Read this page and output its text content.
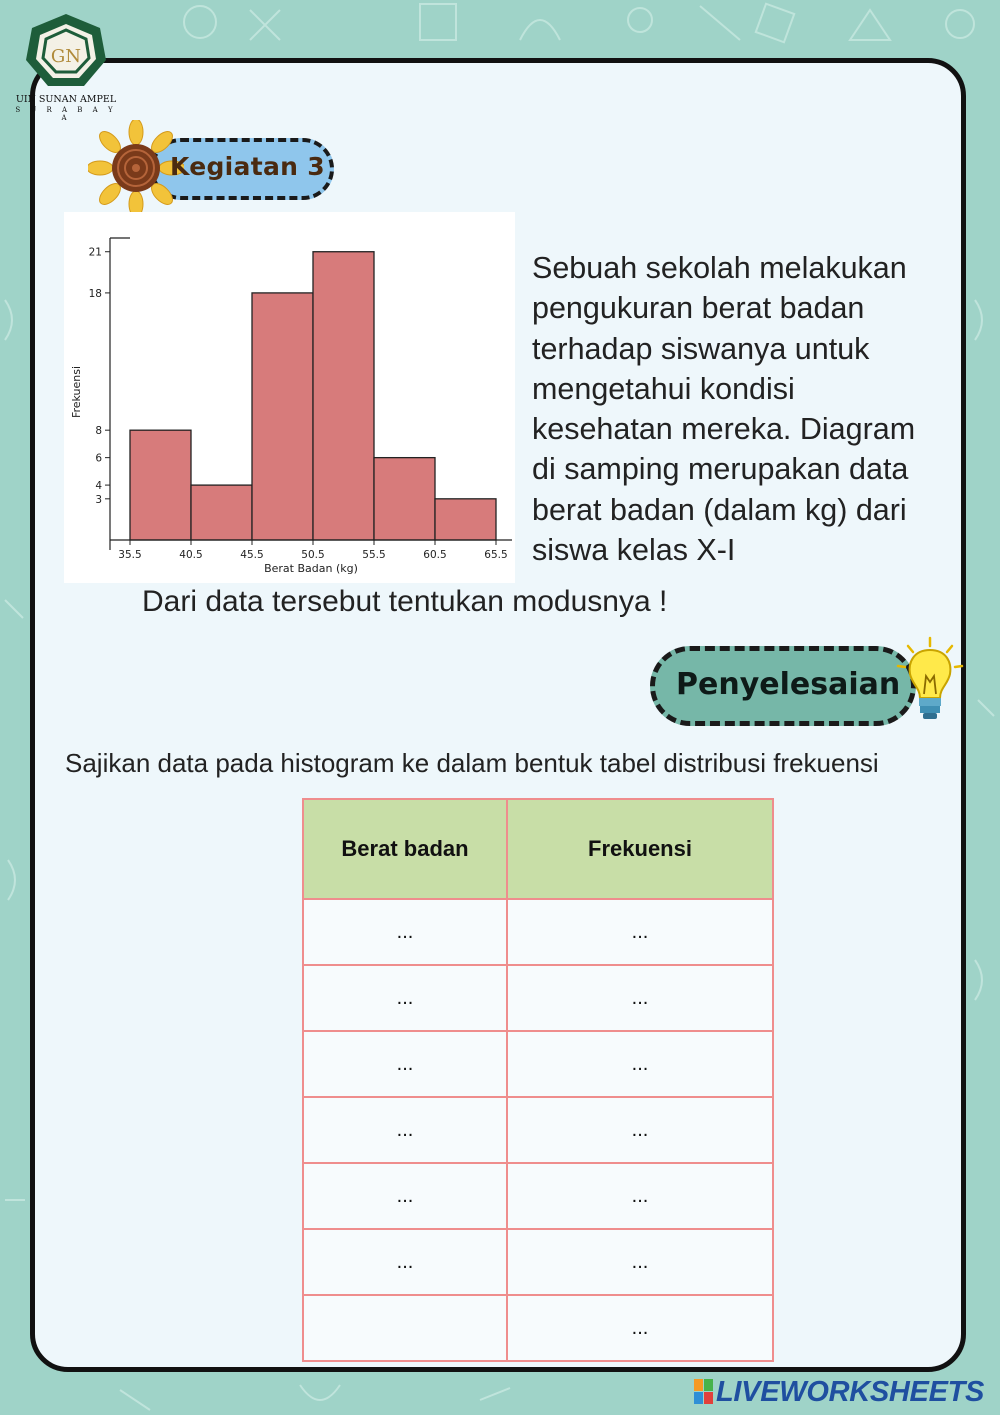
GN
UIN SUNAN AMPEL
S U R A B A Y A
Kegiatan 3
35.5	40.5	45.5	50.5	55.5	60.5	65.5
3
4
6
8
18
21
Berat Badan (kg)
Frekuensi
Sebuah sekolah melakukan
pengukuran berat badan
terhadap siswanya untuk
mengetahui kondisi
kesehatan mereka. Diagram
di samping merupakan data
berat badan (dalam kg) dari
siswa kelas X-I
Dari data tersebut tentukan modusnya !
Penyelesaian
Sajikan data pada histogram ke dalam bentuk tabel distribusi frekuensi
Berat badan	Frekuensi
...	...
...	...
...	...
...	...
...	...
...	...
	...
LIVEWORKSHEETS
